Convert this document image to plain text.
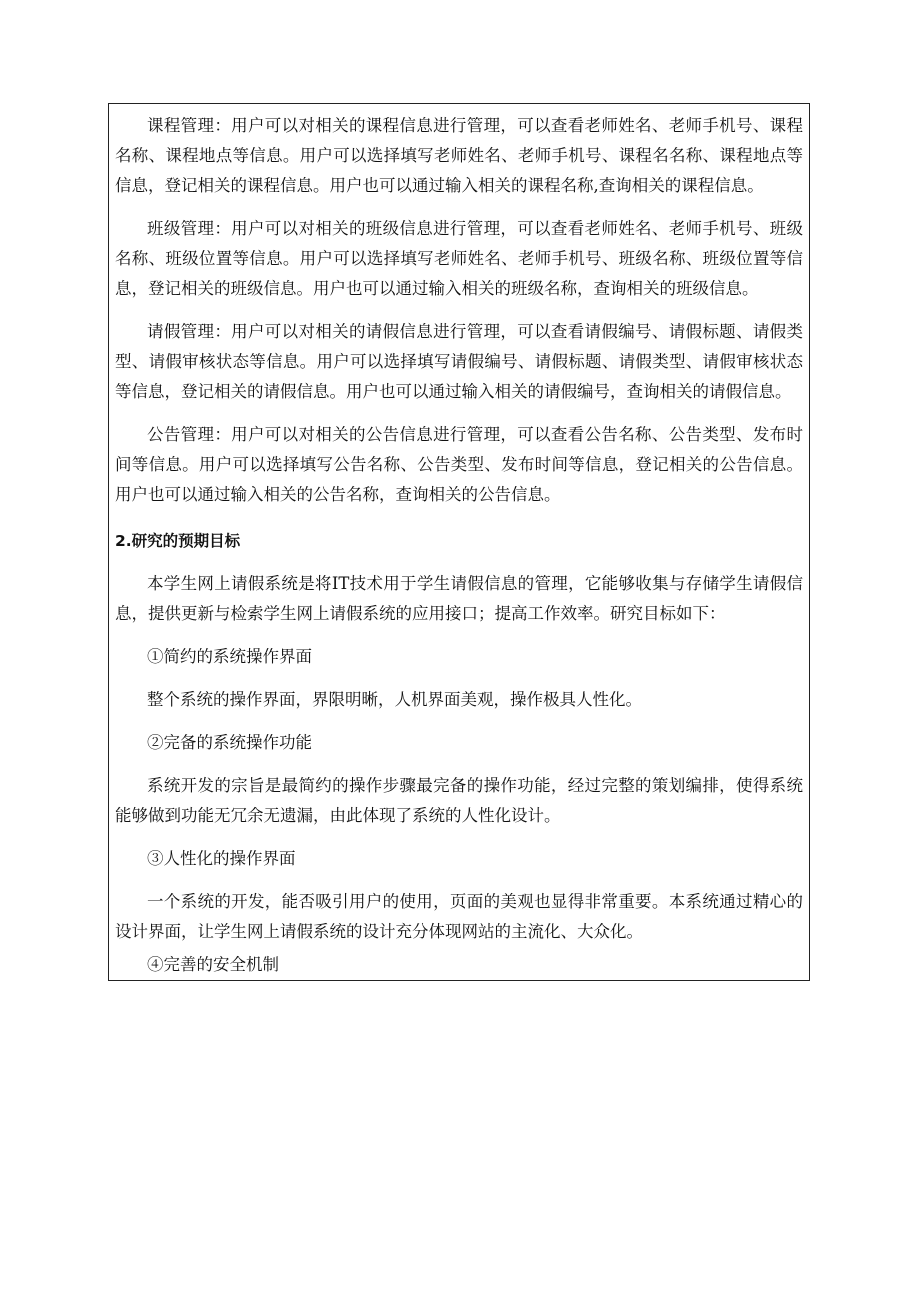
课程管理：用户可以对相关的课程信息进行管理，可以查看老师姓名、老师手机号、课程
名称、课程地点等信息。用户可以选择填写老师姓名、老师手机号、课程名名称、课程地点等
信息，登记相关的课程信息。用户也可以通过输入相关的课程名称,查询相关的课程信息。
班级管理：用户可以对相关的班级信息进行管理，可以查看老师姓名、老师手机号、班级
名称、班级位置等信息。用户可以选择填写老师姓名、老师手机号、班级名称、班级位置等信
息，登记相关的班级信息。用户也可以通过输入相关的班级名称，查询相关的班级信息。
请假管理：用户可以对相关的请假信息进行管理，可以查看请假编号、请假标题、请假类
型、请假审核状态等信息。用户可以选择填写请假编号、请假标题、请假类型、请假审核状态
等信息，登记相关的请假信息。用户也可以通过输入相关的请假编号，查询相关的请假信息。
公告管理：用户可以对相关的公告信息进行管理，可以查看公告名称、公告类型、发布时
间等信息。用户可以选择填写公告名称、公告类型、发布时间等信息，登记相关的公告信息。
用户也可以通过输入相关的公告名称，查询相关的公告信息。
2.研究的预期目标
本学生网上请假系统是将IT技术用于学生请假信息的管理，它能够收集与存储学生请假信
息，提供更新与检索学生网上请假系统的应用接口；提高工作效率。研究目标如下：
①简约的系统操作界面
整个系统的操作界面，界限明晰，人机界面美观，操作极具人性化。
②完备的系统操作功能
系统开发的宗旨是最简约的操作步骤最完备的操作功能，经过完整的策划编排，使得系统
能够做到功能无冗余无遗漏，由此体现了系统的人性化设计。
③人性化的操作界面
一个系统的开发，能否吸引用户的使用，页面的美观也显得非常重要。本系统通过精心的
设计界面，让学生网上请假系统的设计充分体现网站的主流化、大众化。
④完善的安全机制
